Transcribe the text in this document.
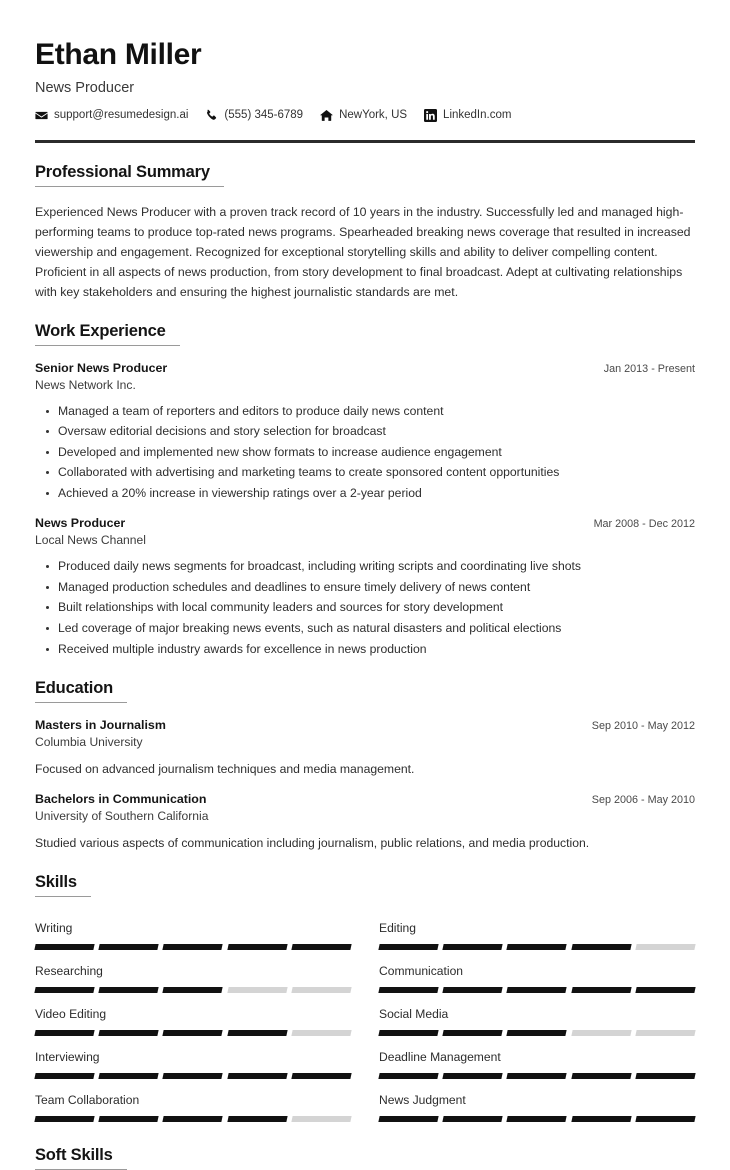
Ethan Miller
News Producer
support@resumedesign.ai	(555) 345-6789	NewYork, US	LinkedIn.com
Professional Summary
Experienced News Producer with a proven track record of 10 years in the industry. Successfully led and managed high-performing teams to produce top-rated news programs. Spearheaded breaking news coverage that resulted in increased viewership and engagement. Recognized for exceptional storytelling skills and ability to deliver compelling content. Proficient in all aspects of news production, from story development to final broadcast. Adept at cultivating relationships with key stakeholders and ensuring the highest journalistic standards are met.
Work Experience
Senior News Producer	Jan 2013 - Present
News Network Inc.
Managed a team of reporters and editors to produce daily news content
Oversaw editorial decisions and story selection for broadcast
Developed and implemented new show formats to increase audience engagement
Collaborated with advertising and marketing teams to create sponsored content opportunities
Achieved a 20% increase in viewership ratings over a 2-year period
News Producer	Mar 2008 - Dec 2012
Local News Channel
Produced daily news segments for broadcast, including writing scripts and coordinating live shots
Managed production schedules and deadlines to ensure timely delivery of news content
Built relationships with local community leaders and sources for story development
Led coverage of major breaking news events, such as natural disasters and political elections
Received multiple industry awards for excellence in news production
Education
Masters in Journalism	Sep 2010 - May 2012
Columbia University
Focused on advanced journalism techniques and media management.
Bachelors in Communication	Sep 2006 - May 2010
University of Southern California
Studied various aspects of communication including journalism, public relations, and media production.
Skills
Writing	Editing
Researching	Communication
Video Editing	Social Media
Interviewing	Deadline Management
Team Collaboration	News Judgment
Soft Skills
